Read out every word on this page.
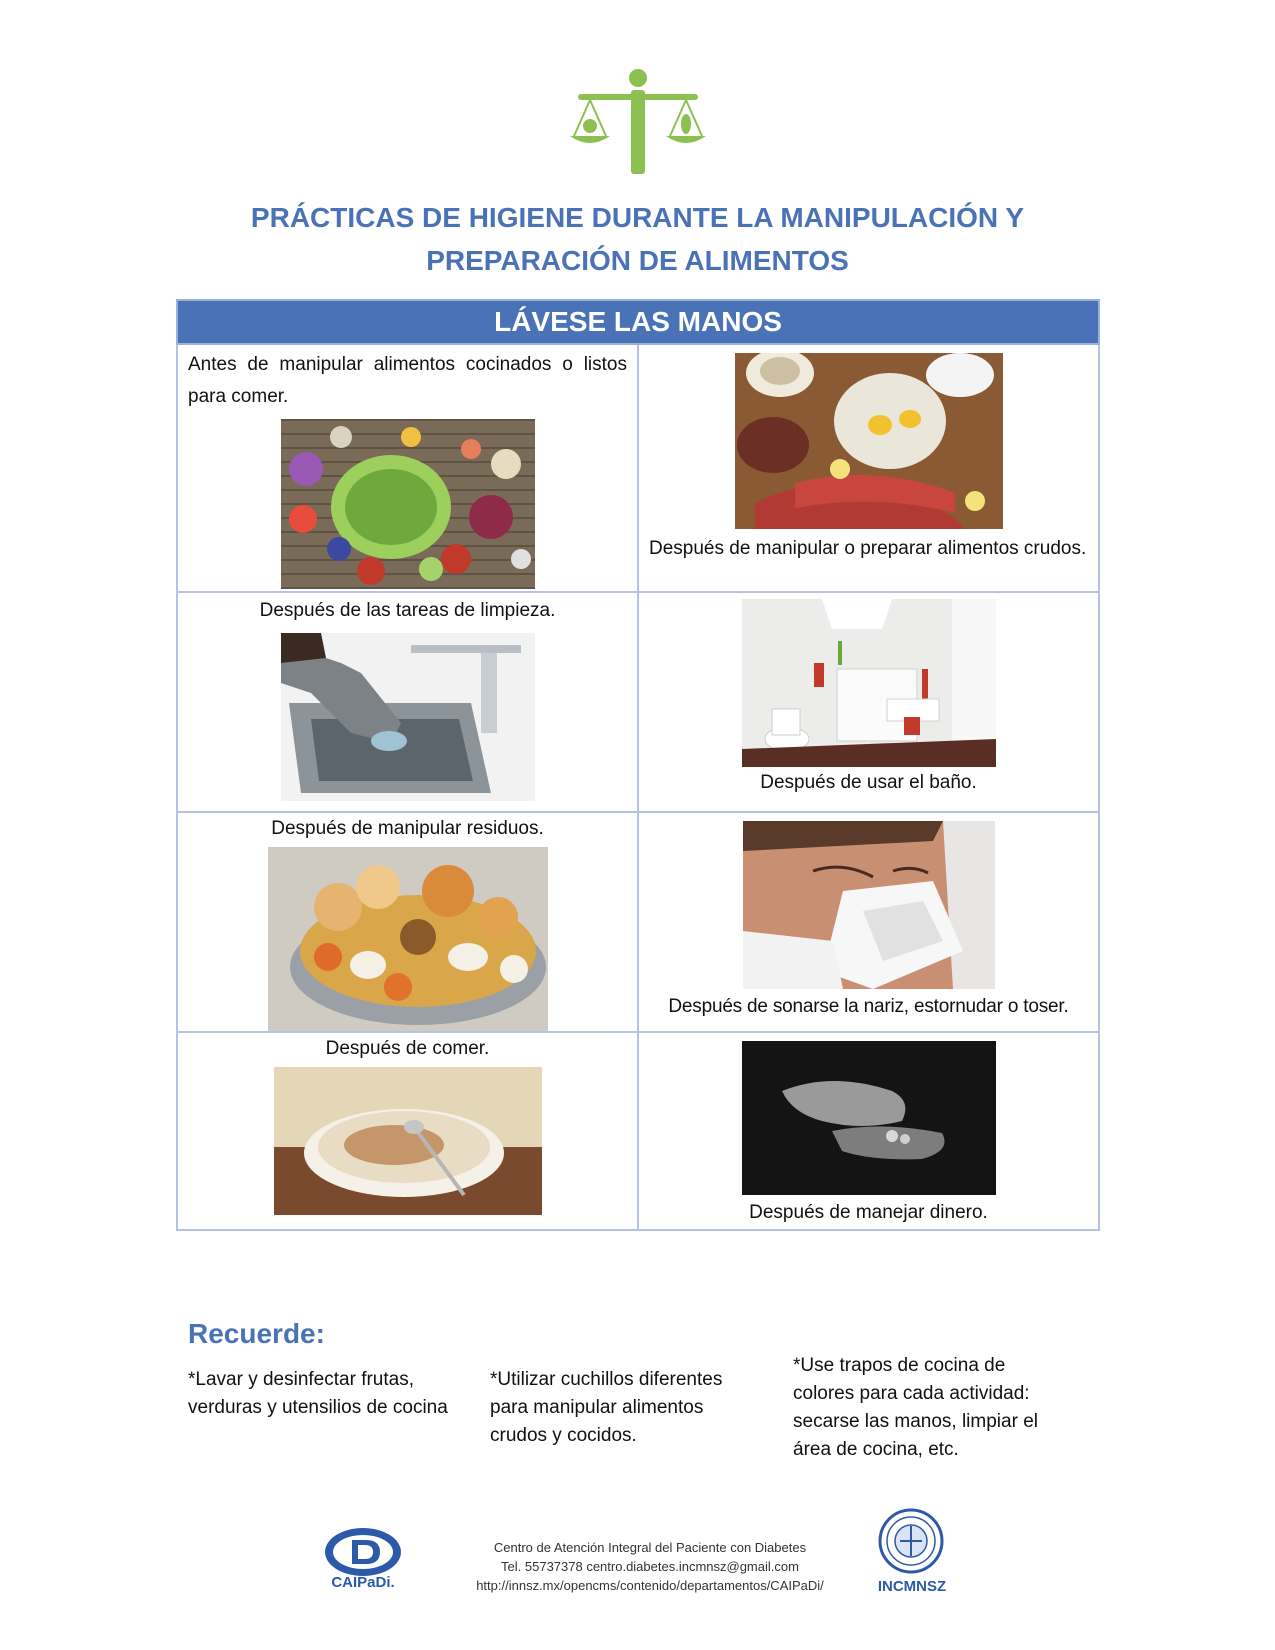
PRÁCTICAS DE HIGIENE DURANTE LA MANIPULACIÓN Y
PREPARACIÓN DE ALIMENTOS
LÁVESE LAS MANOS	

Antes de manipular alimentos cocinados o listos para comer.	Después de manipular o preparar alimentos crudos.

Después de las tareas de limpieza.	Después de usar el baño.

Después de manipular residuos.	Después de sonarse la nariz, estornudar o toser.

Después de comer.	Después de manejar dinero.

Recuerde:

*Lavar y desinfectar frutas, verduras y utensilios de cocina

*Utilizar cuchillos diferentes para manipular alimentos crudos y cocidos.

*Use trapos de cocina de colores para cada actividad: secarse las manos, limpiar el área de cocina, etc.

CAIPaDi.
Centro de Atención Integral del Paciente con Diabetes
Tel. 55737378 centro.diabetes.incmnsz@gmail.com
http://innsz.mx/opencms/contenido/departamentos/CAIPaDi/	INCMNSZ
